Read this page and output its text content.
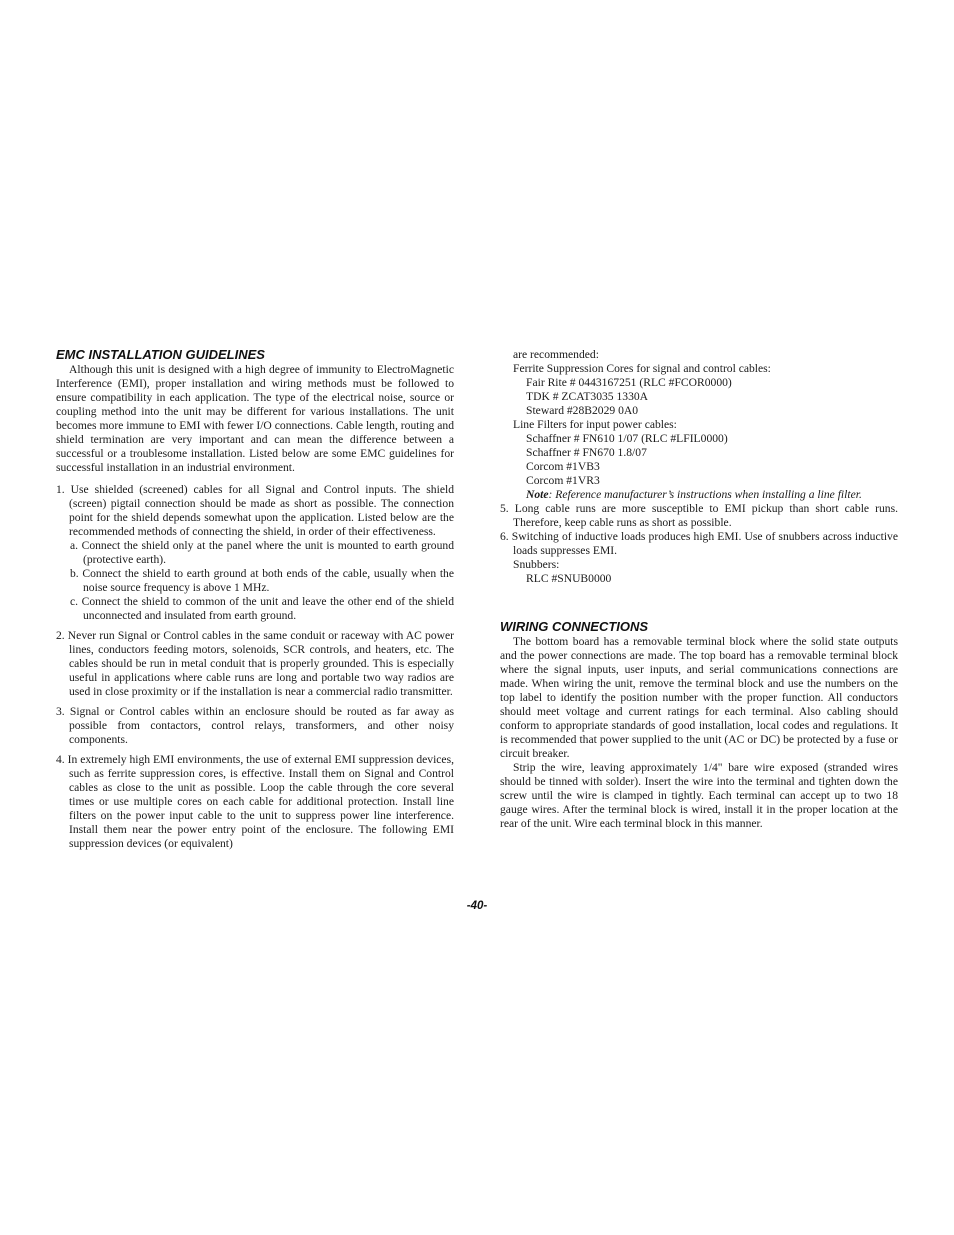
EMC INSTALLATION GUIDELINES

Although this unit is designed with a high degree of immunity to ElectroMagnetic Interference (EMI), proper installation and wiring methods must be followed to ensure compatibility in each application. The type of the electrical noise, source or coupling method into the unit may be different for various installations. The unit becomes more immune to EMI with fewer I/O connections. Cable length, routing and shield termination are very important and can mean the difference between a successful or a troublesome installation. Listed below are some EMC guidelines for successful installation in an industrial environment.

1. Use shielded (screened) cables for all Signal and Control inputs. The shield (screen) pigtail connection should be made as short as possible. The connection point for the shield depends somewhat upon the application. Listed below are the recommended methods of connecting the shield, in order of their effectiveness.

a. Connect the shield only at the panel where the unit is mounted to earth ground (protective earth).

b. Connect the shield to earth ground at both ends of the cable, usually when the noise source frequency is above 1 MHz.

c. Connect the shield to common of the unit and leave the other end of the shield unconnected and insulated from earth ground.

2. Never run Signal or Control cables in the same conduit or raceway with AC power lines, conductors feeding motors, solenoids, SCR controls, and heaters, etc. The cables should be run in metal conduit that is properly grounded. This is especially useful in applications where cable runs are long and portable two way radios are used in close proximity or if the installation is near a commercial radio transmitter.

3. Signal or Control cables within an enclosure should be routed as far away as possible from contactors, control relays, transformers, and other noisy components.

4. In extremely high EMI environments, the use of external EMI suppression devices, such as ferrite suppression cores, is effective. Install them on Signal and Control cables as close to the unit as possible. Loop the cable through the core several times or use multiple cores on each cable for additional protection. Install line filters on the power input cable to the unit to suppress power line interference. Install them near the power entry point of the enclosure. The following EMI suppression devices (or equivalent)

are recommended:

Ferrite Suppression Cores for signal and control cables:

Fair Rite # 0443167251 (RLC #FCOR0000)

TDK # ZCAT3035 1330A

Steward #28B2029 0A0

Line Filters for input power cables:

Schaffner # FN610 1/07 (RLC #LFIL0000)

Schaffner # FN670 1.8/07

Corcom #1VB3

Corcom #1VR3

Note: Reference manufacturer’s instructions when installing a line filter.

5. Long cable runs are more susceptible to EMI pickup than short cable runs. Therefore, keep cable runs as short as possible.

6. Switching of inductive loads produces high EMI. Use of snubbers across inductive loads suppresses EMI.

Snubbers:

RLC #SNUB0000

WIRING CONNECTIONS

The bottom board has a removable terminal block where the solid state outputs and the power connections are made. The top board has a removable terminal block where the signal inputs, user inputs, and serial communications connections are made. When wiring the unit, remove the terminal block and use the numbers on the top label to identify the position number with the proper function. All conductors should meet voltage and current ratings for each terminal. Also cabling should conform to appropriate standards of good installation, local codes and regulations. It is recommended that power supplied to the unit (AC or DC) be protected by a fuse or circuit breaker.

Strip the wire, leaving approximately 1/4" bare wire exposed (stranded wires should be tinned with solder). Insert the wire into the terminal and tighten down the screw until the wire is clamped in tightly. Each terminal can accept up to two 18 gauge wires. After the terminal block is wired, install it in the proper location at the rear of the unit. Wire each terminal block in this manner.

-40-
